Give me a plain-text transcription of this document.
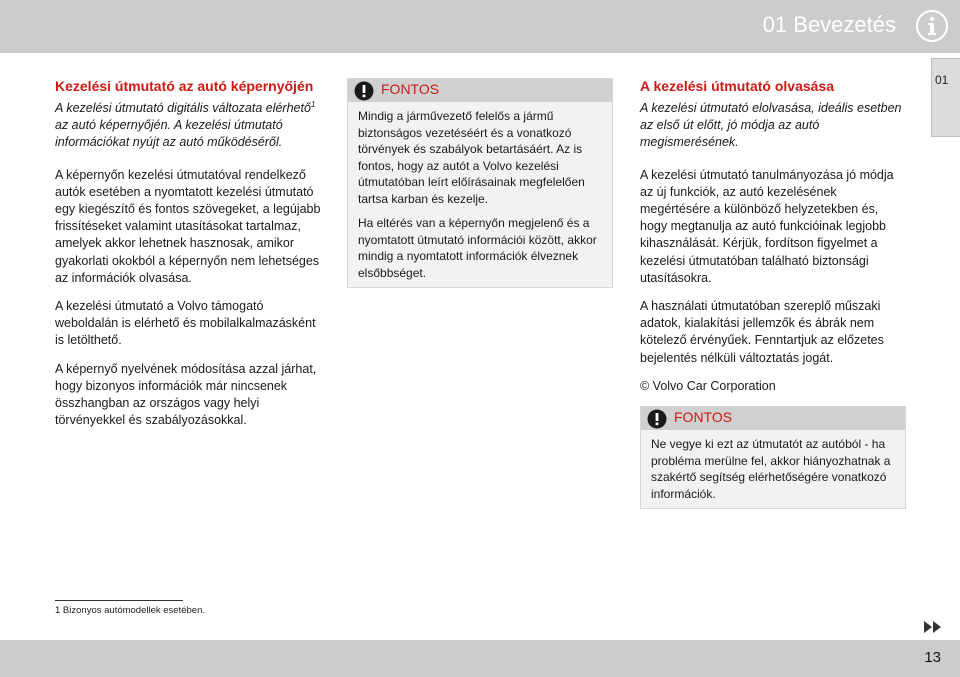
01 Bevezetés
01
Kezelési útmutató az autó képernyőjén

A kezelési útmutató digitális változata elérhető$^1$ az autó képernyőjén. A kezelési útmutató információkat nyújt az autó működéséről.

A képernyőn kezelési útmutatóval rendelkező autók esetében a nyomtatott kezelési útmutató egy kiegészítő és fontos szövegeket, a legújabb frissítéseket valamint utasításokat tartalmaz, amelyek akkor lehetnek hasznosak, amikor gyakorlati okokból a képernyőn nem lehetséges az információk olvasása.

A kezelési útmutató a Volvo támogató weboldalán is elérhető és mobilalkalmazásként is letölthető.

A képernyő nyelvének módosítása azzal járhat, hogy bizonyos információk már nincsenek összhangban az országos vagy helyi törvényekkel és szabályozásokkal.

FONTOS

Mindig a járművezető felelős a jármű biztonságos vezetéséért és a vonatkozó törvények és szabályok betartásáért. Az is fontos, hogy az autót a Volvo kezelési útmutatóban leírt előírásainak megfelelően tartsa karban és kezelje.

Ha eltérés van a képernyőn megjelenő és a nyomtatott útmutató információi között, akkor mindig a nyomtatott információk élveznek elsőbbséget.

A kezelési útmutató olvasása

A kezelési útmutató elolvasása, ideális esetben az első út előtt, jó módja az autó megismerésének.

A kezelési útmutató tanulmányozása jó módja az új funkciók, az autó kezelésének megértésére a különböző helyzetekben és, hogy megtanulja az autó funkcióinak legjobb kihasználását. Kérjük, fordítson figyelmet a kezelési útmutatóban található biztonsági utasításokra.

A használati útmutatóban szereplő műszaki adatok, kialakítási jellemzők és ábrák nem kötelező érvényűek. Fenntartjuk az előzetes bejelentés nélküli változtatás jogát.

© Volvo Car Corporation

FONTOS

Ne vegye ki ezt az útmutatót az autóból - ha probléma merülne fel, akkor hiányozhatnak a szakértő segítség elérhetőségére vonatkozó információk.

1 Bizonyos autómodellek esetében.
13
